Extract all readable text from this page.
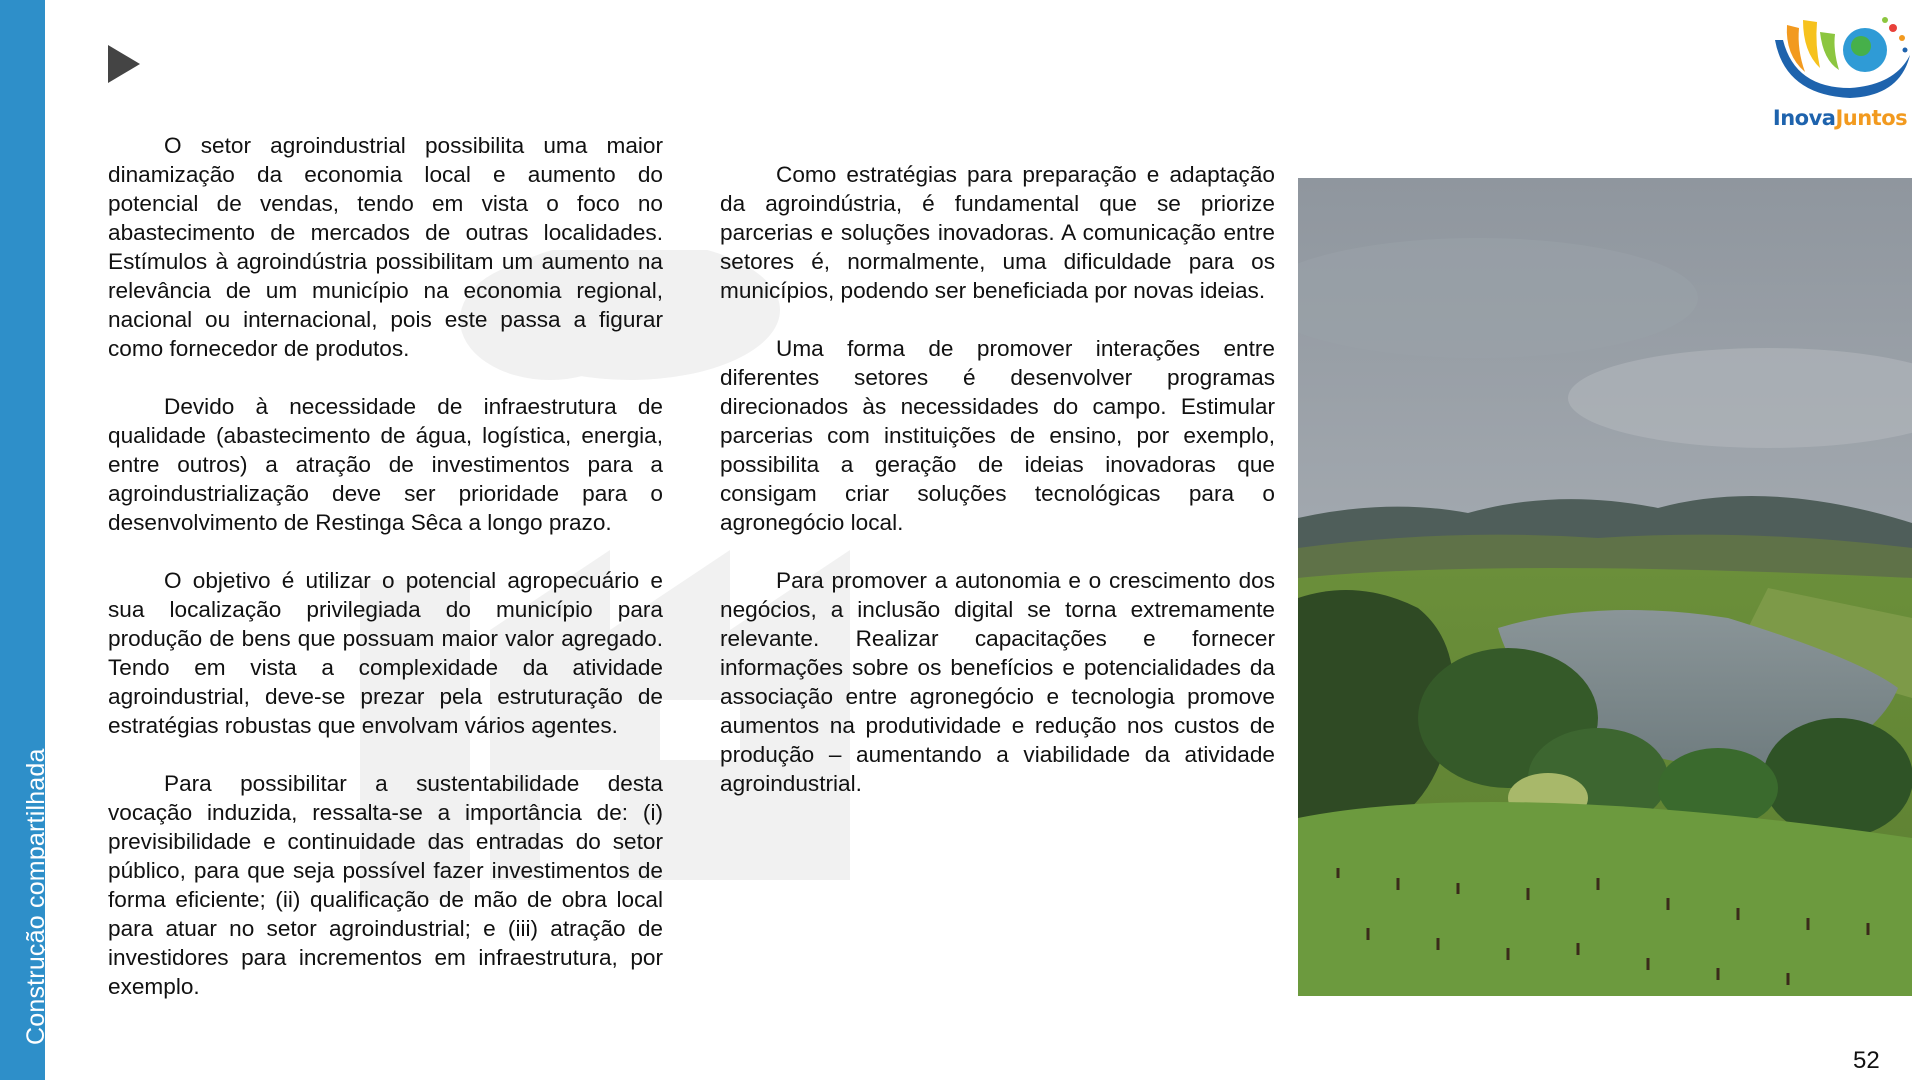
Construção compartilhada

O setor agroindustrial possibilita uma maior dinamização da economia local e aumento do potencial de vendas, tendo em vista o foco no abastecimento de mercados de outras localidades. Estímulos à agroindústria possibilitam um aumento na relevância de um município na economia regional, nacional ou internacional, pois este passa a figurar como fornecedor de produtos.

Devido à necessidade de infraestrutura de qualidade (abastecimento de água, logística, energia, entre outros) a atração de investimentos para a agroindustrialização deve ser prioridade para o desenvolvimento de Restinga Sêca a longo prazo.

O objetivo é utilizar o potencial agropecuário e sua localização privilegiada do município para produção de bens que possuam maior valor agregado. Tendo em vista a complexidade da atividade agroindustrial, deve-se prezar pela estruturação de estratégias robustas que envolvam vários agentes.

Para possibilitar a sustentabilidade desta vocação induzida, ressalta-se a importância de: (i) previsibilidade e continuidade das entradas do setor público, para que seja possível fazer investimentos de forma eficiente; (ii) qualificação de mão de obra local para atuar no setor agroindustrial; e (iii) atração de investidores para incrementos em infraestrutura, por exemplo.

Como estratégias para preparação e adaptação da agroindústria, é fundamental que se priorize parcerias e soluções inovadoras. A comunicação entre setores é, normalmente, uma dificuldade para os municípios, podendo ser beneficiada por novas ideias.

Uma forma de promover interações entre diferentes setores é desenvolver programas direcionados às necessidades do campo. Estimular parcerias com instituições de ensino, por exemplo, possibilita a geração de ideias inovadoras que consigam criar soluções tecnológicas para o agronegócio local.

Para promover a autonomia e o crescimento dos negócios, a inclusão digital se torna extremamente relevante. Realizar capacitações e fornecer informações sobre os benefícios e potencialidades da associação entre agronegócio e tecnologia promove aumentos na produtividade e redução nos custos de produção – aumentando a viabilidade da atividade agroindustrial.

InovaJuntos
52
